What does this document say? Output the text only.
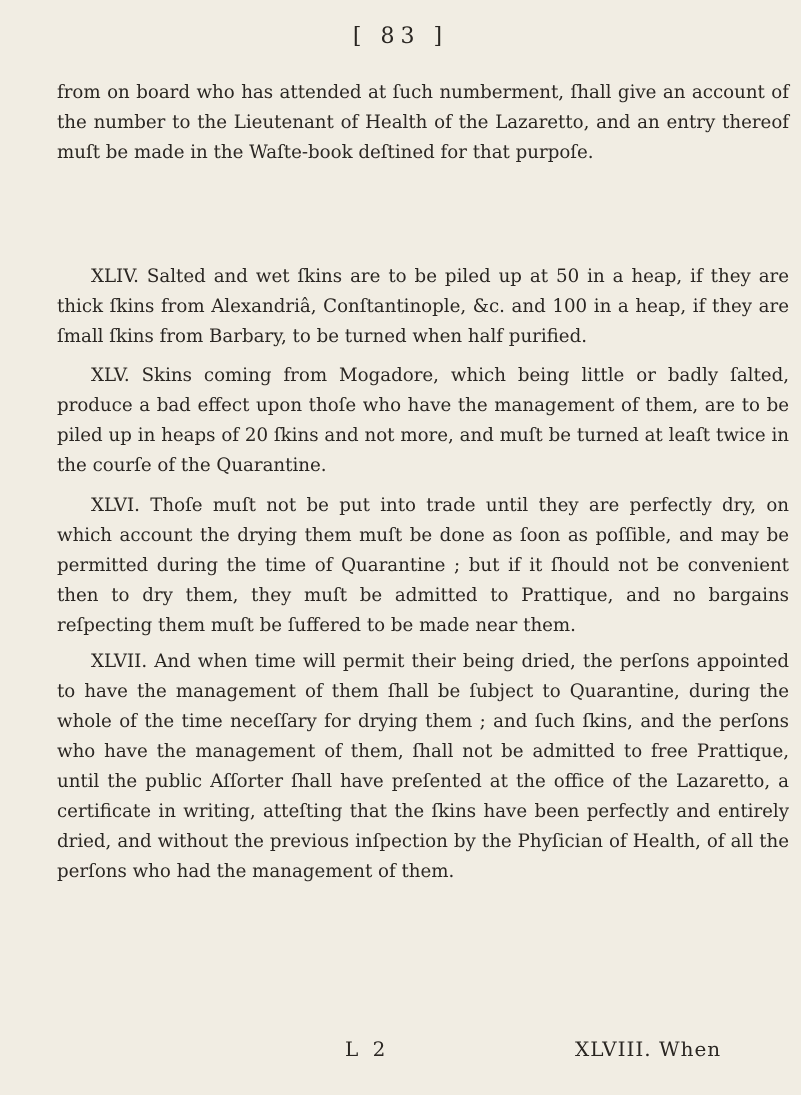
[ 83 ]

from on board who has attended at ſuch numberment, ſhall give an account of the number to the Lieutenant of Health of the Lazaretto, and an entry thereof muſt be made in the Waſte-book deſtined for that purpoſe.

XLIV. Salted and wet ſkins are to be piled up at 50 in a heap, if they are thick ſkins from Alexandriâ, Conſtantinople, &c. and 100 in a heap, if they are ſmall ſkins from Barbary, to be turned when half purified.

XLV. Skins coming from Mogadore, which being little or badly ſalted, produce a bad effect upon thoſe who have the management of them, are to be piled up in heaps of 20 ſkins and not more, and muſt be turned at leaſt twice in the courſe of the Quarantine.

XLVI. Thoſe muſt not be put into trade until they are perfectly dry, on which account the drying them muſt be done as ſoon as poſſible, and may be permitted during the time of Quarantine ; but if it ſhould not be convenient then to dry them, they muſt be admitted to Prattique, and no bargains reſpecting them muſt be ſuffered to be made near them.

XLVII. And when time will permit their being dried, the perſons appointed to have the management of them ſhall be ſubject to Quarantine, during the whole of the time neceſſary for drying them ; and ſuch ſkins, and the perſons who have the management of them, ſhall not be admitted to free Prattique, until the public Aſſorter ſhall have preſented at the office of the Lazaretto, a certificate in writing, atteſting that the ſkins have been perfectly and entirely dried, and without the previous inſpection by the Phyſician of Health, of all the perſons who had the management of them.

L 2	XLVIII. When
